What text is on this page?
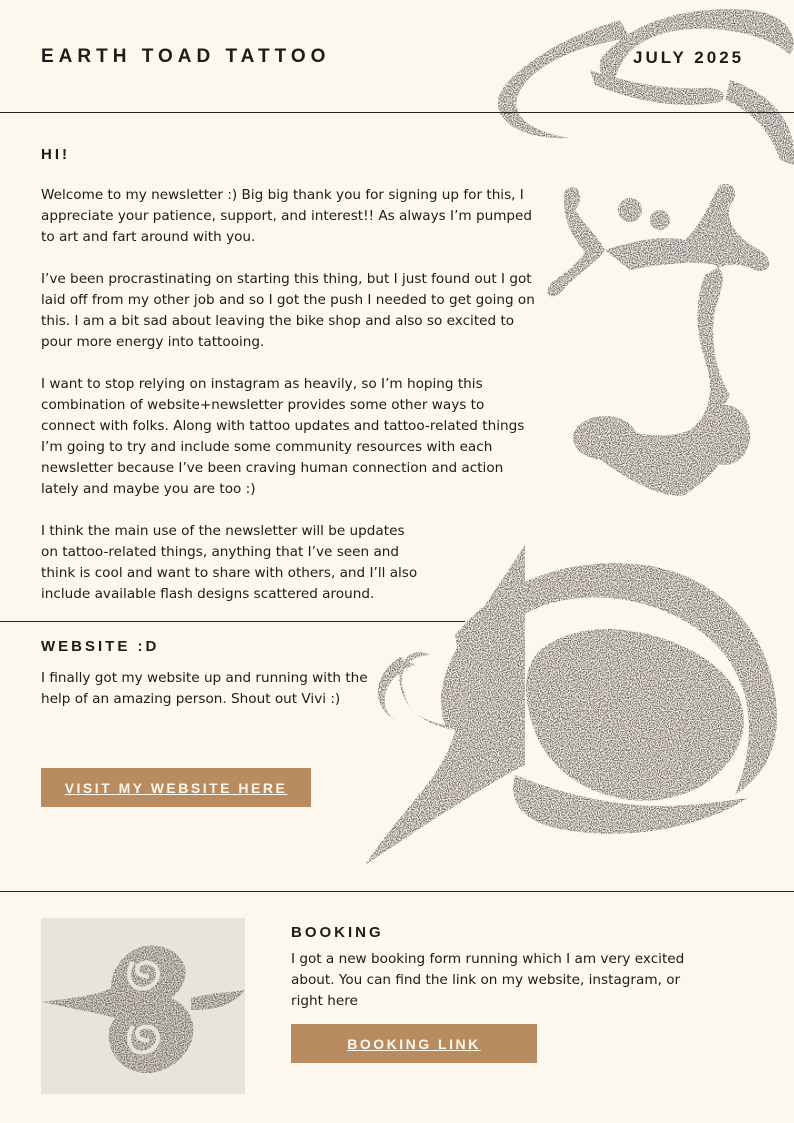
EARTH TOAD TATTOO	JULY 2025
HI!

Welcome to my newsletter :) Big big thank you for signing up for this, I appreciate your patience, support, and interest!! As always I’m pumped to art and fart around with you.

I’ve been procrastinating on starting this thing, but I just found out I got laid off from my other job and so I got the push I needed to get going on this. I am a bit sad about leaving the bike shop and also so excited to pour more energy into tattooing.

I want to stop relying on instagram as heavily, so I’m hoping this combination of website+newsletter provides some other ways to connect with folks. Along with tattoo updates and tattoo-related things I’m going to try and include some community resources with each newsletter because I’ve been craving human connection and action lately and maybe you are too :)

I think the main use of the newsletter will be updates on tattoo-related things, anything that I’ve seen and think is cool and want to share with others, and I’ll also include available flash designs scattered around.

WEBSITE :D

I finally got my website up and running with the help of an amazing person. Shout out Vivi :)

VISIT MY WEBSITE HERE
BOOKING

I got a new booking form running which I am very excited about. You can find the link on my website, instagram, or right here

BOOKING LINK
